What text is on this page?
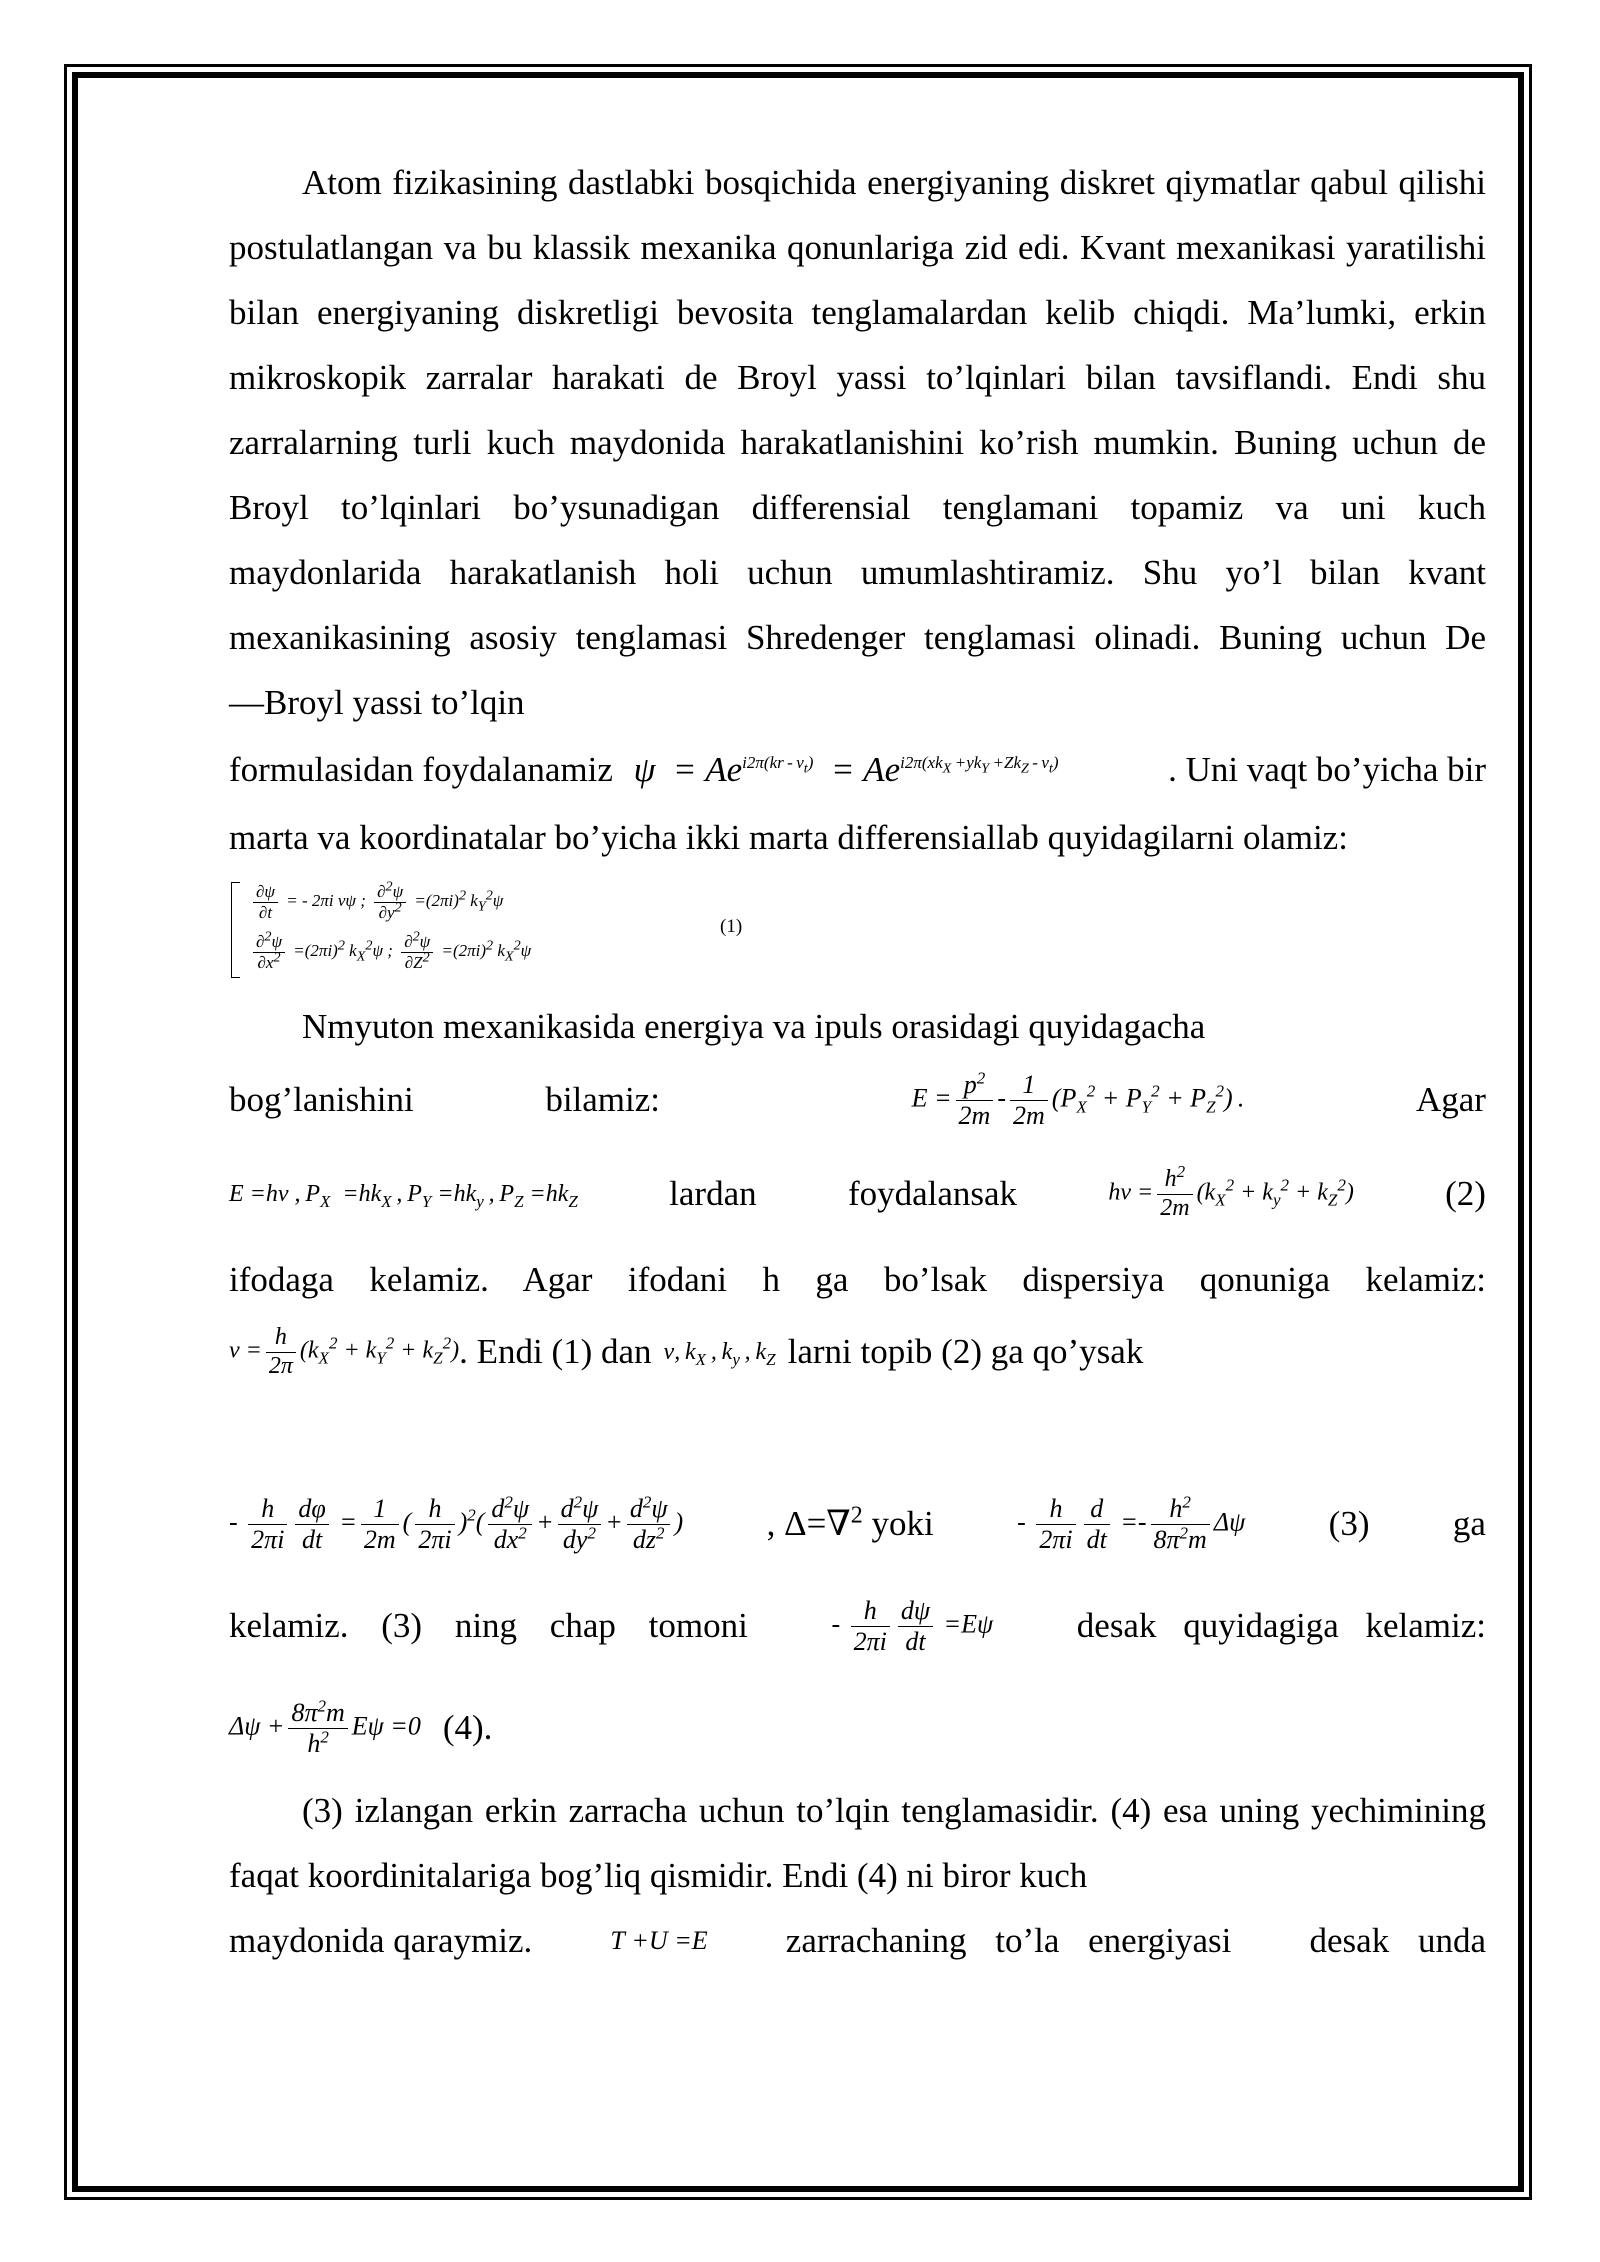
Atom fizikasining dastlabki bosqichida energiyaning diskret qiymatlar qabul qilishi postulatlangan va bu klassik mexanika qonunlariga zid edi. Kvant mexanikasi yaratilishi bilan energiyaning diskretligi bevosita tenglamalardan kelib chiqdi. Ma’lumki, erkin mikroskopik zarralar harakati de Broyl yassi to’lqinlari bilan tavsiflandi. Endi shu zarralarning turli kuch maydonida harakatlanishini ko’rish mumkin. Buning uchun de Broyl to’lqinlari bo’ysunadigan differensial tenglamani topamiz va uni kuch maydonlarida harakatlanish holi uchun umumlashtiramiz. Shu yo’l bilan kvant mexanikasining asosiy tenglamasi Shredenger tenglamasi olinadi. Buning uchun De ―Broyl yassi to’lqin

formulasidan foydalanamiz $\psi = Ae^{i2\pi(kr - \nu_t)} = Ae^{i2\pi(xk_X +yk_Y +Zk_Z - \nu_t)}$	. Uni vaqt bo’yicha bir

marta va koordinatalar bo’yicha ikki marta differensiallab quyidagilarni olamiz:

$\frac{\partial\psi}{\partial t}$ = - 2πi νψ ; $\frac{\partial^2\psi}{\partial y^2} =(2\pi i)^2$ $k_Y^2\psi$
$\frac{\partial^2\psi}{\partial x^2} =(2\pi i)^2$ $k_X^2\psi$ ; $\frac{\partial^2\psi}{\partial Z^2} =(2\pi i)^2$ $k_X^2\psi$
(1)

Nmyuton mexanikasida energiya va ipuls orasidagi quyidagacha

bog’lanishini	bilamiz:	$E = \frac{p^2}{2m} - \frac{1}{2m} (P_X^2 + P_Y^2 + P_Z^2)$ .	Agar
E =hν , $P_X =hk_X$ , $P_Y =hk_y$ , $P_Z =hk_Z$	lardan	foydalansak	$h\nu = \frac{h^2}{2m} (k_X^2 + k_y^2 + k_Z^2)$	(2)

ifodaga kelamiz. Agar ifodani h ga bo’lsak dispersiya qonuniga kelamiz:

$\nu = \frac{h}{2\pi} (k_X^2 + k_Y^2 + k_Z^2)$ . Endi (1) dan ν, $k_X$ , $k_y$ , $k_Z$ larni topib (2) ga qo’ysak
- $\frac{h}{2\pi i} \frac{d\varphi}{dt} = \frac{1}{2m}$ ( $\frac{h}{2\pi i} )^2( \frac{d^2\psi}{dx^2} + \frac{d^2\psi}{dy^2} + \frac{d^2\psi}{dz^2}$ ) , Δ=∇$^2$ yoki	- $\frac{h}{2\pi i} \frac{d}{dt} =- \frac{h^2}{8\pi^2m}$ Δψ (3) ga
kelamiz. (3) ning chap tomoni	- $\frac{h}{2\pi i} \frac{d\psi}{dt} =E\psi$ desak quyidagiga kelamiz:
$\Delta\psi + \frac{8\pi^2m}{h^2}$ Eψ =0 (4).

(3) izlangan erkin zarracha uchun to’lqin tenglamasidir. (4) esa uning yechimining faqat koordinitalariga bog’liq qismidir. Endi (4) ni biror kuch

maydonida qaraymiz.	T +U =E zarrachaning to’la energiyasi desak unda
